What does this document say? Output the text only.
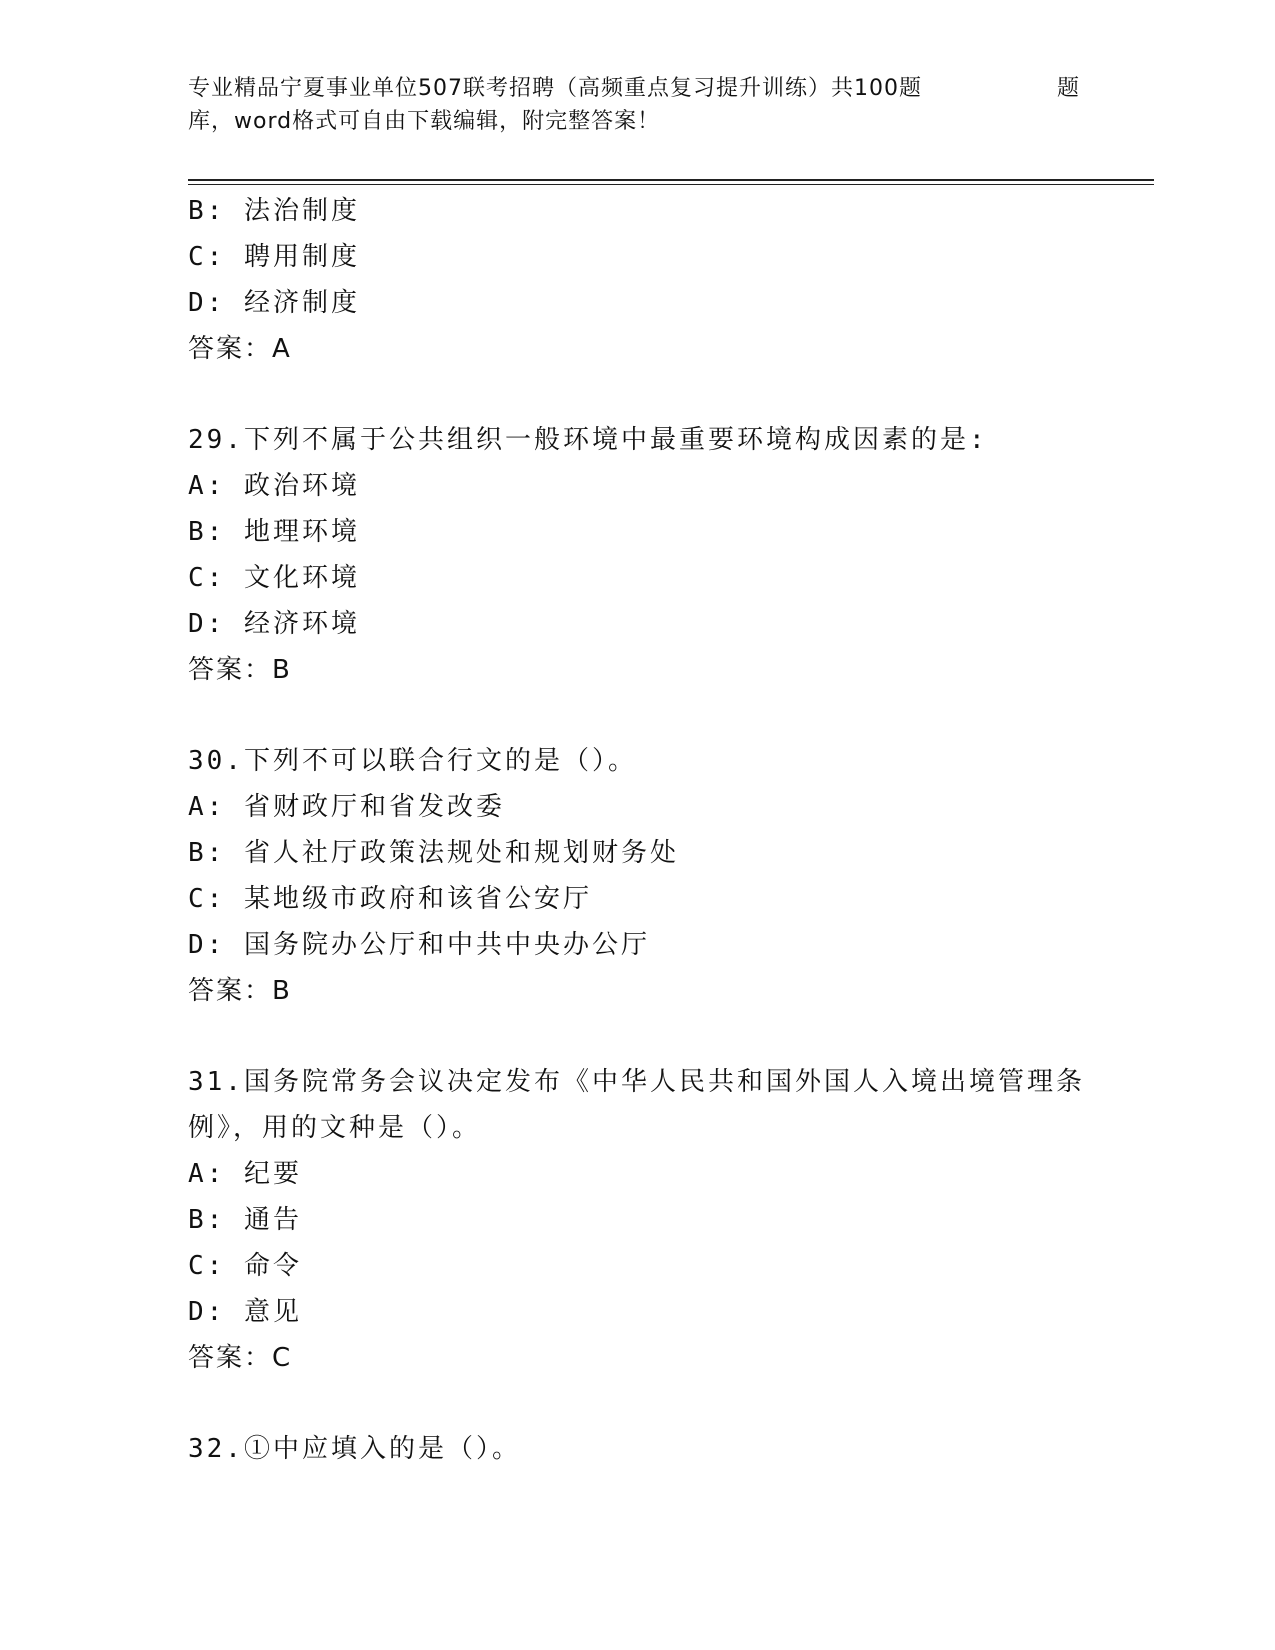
专业精品宁夏事业单位507联考招聘（高频重点复习提升训练）共100题	题
库，word格式可自由下载编辑，附完整答案！
B: 法治制度
C: 聘用制度
D: 经济制度
答案：A
29.下列不属于公共组织一般环境中最重要环境构成因素的是:
A: 政治环境
B: 地理环境
C: 文化环境
D: 经济环境
答案：B
30.下列不可以联合行文的是（）。
A: 省财政厅和省发改委
B: 省人社厅政策法规处和规划财务处
C: 某地级市政府和该省公安厅
D: 国务院办公厅和中共中央办公厅
答案：B
31.国务院常务会议决定发布《中华人民共和国外国人入境出境管理条
例》，用的文种是（）。
A: 纪要
B: 通告
C: 命令
D: 意见
答案：C
32.①中应填入的是（）。
